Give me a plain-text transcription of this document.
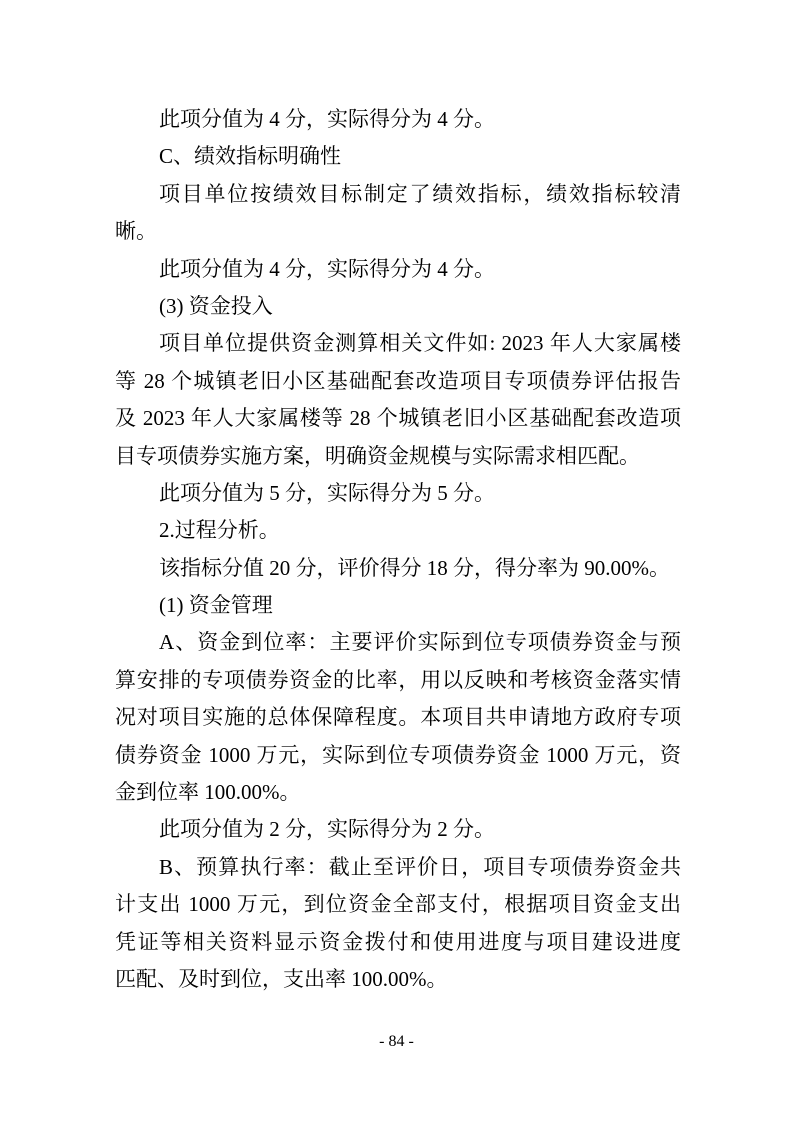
此项分值为 4 分，实际得分为 4 分。
C、绩效指标明确性
项目单位按绩效目标制定了绩效指标，绩效指标较清
晰。
此项分值为 4 分，实际得分为 4 分。
(3) 资金投入
项目单位提供资金测算相关文件如: 2023 年人大家属楼
等 28 个城镇老旧小区基础配套改造项目专项债券评估报告
及 2023 年人大家属楼等 28 个城镇老旧小区基础配套改造项
目专项债券实施方案，明确资金规模与实际需求相匹配。
此项分值为 5 分，实际得分为 5 分。
2.过程分析。
该指标分值 20 分，评价得分 18 分，得分率为 90.00%。
(1) 资金管理
A、资金到位率：主要评价实际到位专项债券资金与预
算安排的专项债券资金的比率，用以反映和考核资金落实情
况对项目实施的总体保障程度。本项目共申请地方政府专项
债券资金 1000 万元，实际到位专项债券资金 1000 万元，资
金到位率 100.00%。
此项分值为 2 分，实际得分为 2 分。
B、预算执行率：截止至评价日，项目专项债券资金共
计支出 1000 万元，到位资金全部支付，根据项目资金支出
凭证等相关资料显示资金拨付和使用进度与项目建设进度
匹配、及时到位，支出率 100.00%。
- 84 -
